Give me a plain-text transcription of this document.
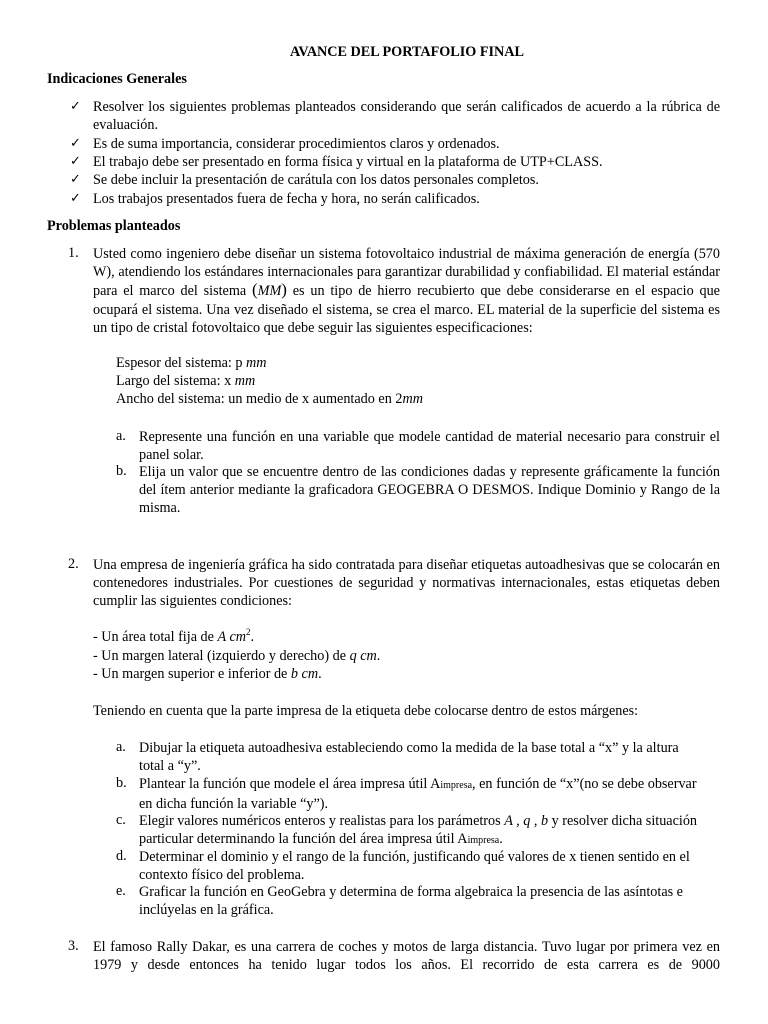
AVANCE DEL PORTAFOLIO FINAL
Indicaciones Generales
✓ Resolver los siguientes problemas planteados considerando que serán calificados de acuerdo a la rúbrica de evaluación.
✓ Es de suma importancia, considerar procedimientos claros y ordenados.
✓ El trabajo debe ser presentado en forma física y virtual en la plataforma de UTP+CLASS.
✓ Se debe incluir la presentación de carátula con los datos personales completos.
✓ Los trabajos presentados fuera de fecha y hora, no serán calificados.
Problemas planteados
1. Usted como ingeniero debe diseñar un sistema fotovoltaico industrial de máxima generación de energía (570 W), atendiendo los estándares internacionales para garantizar durabilidad y confiabilidad. El material estándar para el marco del sistema (MM) es un tipo de hierro recubierto que debe considerarse en el espacio que ocupará el sistema. Una vez diseñado el sistema, se crea el marco. EL material de la superficie del sistema es un tipo de cristal fotovoltaico que debe seguir las siguientes especificaciones:
Espesor del sistema: p mm
Largo del sistema: x mm
Ancho del sistema: un medio de x aumentado en 2mm
a. Represente una función en una variable que modele cantidad de material necesario para construir el panel solar.
b. Elija un valor que se encuentre dentro de las condiciones dadas y represente gráficamente la función del ítem anterior mediante la graficadora GEOGEBRA O DESMOS. Indique Dominio y Rango de la misma.
2. Una empresa de ingeniería gráfica ha sido contratada para diseñar etiquetas autoadhesivas que se colocarán en contenedores industriales. Por cuestiones de seguridad y normativas internacionales, estas etiquetas deben cumplir las siguientes condiciones:
- Un área total fija de A $cm^2$.
- Un margen lateral (izquierdo y derecho) de q cm.
- Un margen superior e inferior de b cm.
Teniendo en cuenta que la parte impresa de la etiqueta debe colocarse dentro de estos márgenes:
a. Dibujar la etiqueta autoadhesiva estableciendo como la medida de la base total a “x” y la altura total a “y”.
b. Plantear la función que modele el área impresa útil Aimpresa, en función de “x”(no se debe observar en dicha función la variable “y”).
c. Elegir valores numéricos enteros y realistas para los parámetros A , q , b y resolver dicha situación particular determinando la función del área impresa útil Aimpresa.
d. Determinar el dominio y el rango de la función, justificando qué valores de x tienen sentido en el contexto físico del problema.
e. Graficar la función en GeoGebra y determina de forma algebraica la presencia de las asíntotas e inclúyelas en la gráfica.
3. El famoso Rally Dakar, es una carrera de coches y motos de larga distancia. Tuvo lugar por primera vez en 1979 y desde entonces ha tenido lugar todos los años. El recorrido de esta carrera es de 9000
